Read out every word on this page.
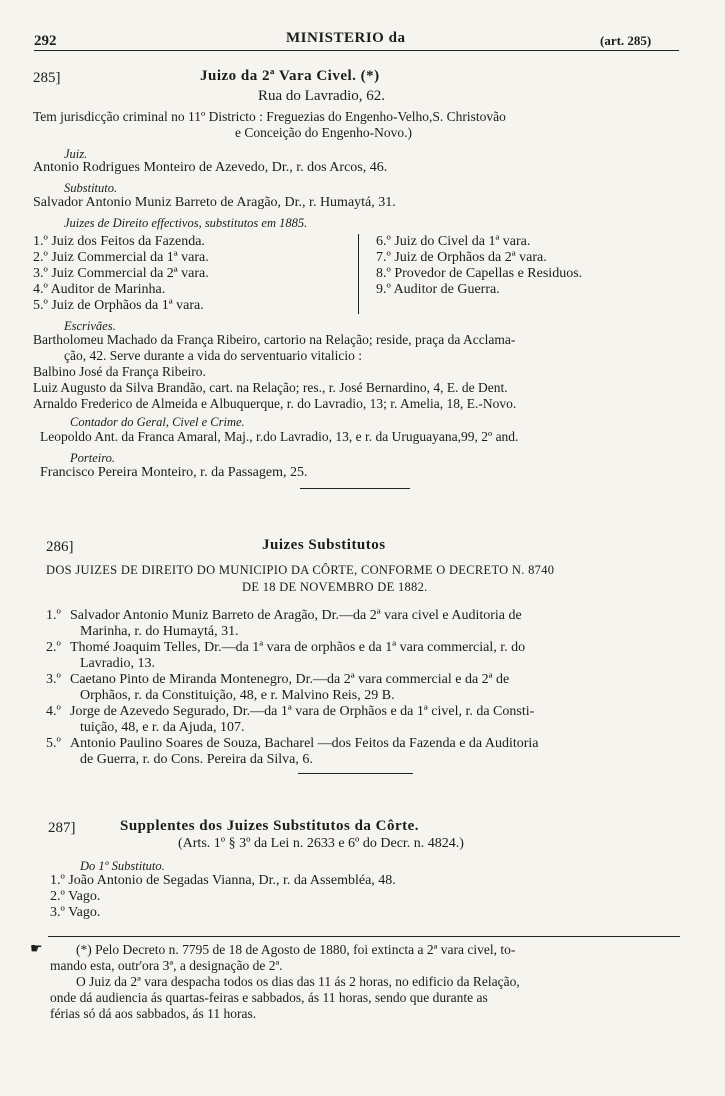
292	MINISTERIO da	(art. 285)
285]	Juizo da 2ª Vara Civel. (*)
Rua do Lavradio, 62.
Tem jurisdicção criminal no 11º Districto : Freguezias do Engenho-Velho,S. Christovão
e Conceição do Engenho-Novo.)
Juiz.
Antonio Rodrigues Monteiro de Azevedo, Dr., r. dos Arcos, 46.
Substituto.
Salvador Antonio Muniz Barreto de Aragão, Dr., r. Humaytá, 31.
Juizes de Direito effectivos, substitutos em 1885.
1.º Juiz dos Feitos da Fazenda.
2.º Juiz Commercial da 1ª vara.
3.º Juiz Commercial da 2ª vara.
4.º Auditor de Marinha.
5.º Juiz de Orphãos da 1ª vara.
6.º Juiz do Civel da 1ª vara.
7.º Juiz de Orphãos da 2ª vara.
8.º Provedor de Capellas e Residuos.
9.º Auditor de Guerra.
Escrivães.
Bartholomeu Machado da França Ribeiro, cartorio na Relação; reside, praça da Acclama-
ção, 42. Serve durante a vida do serventuario vitalicio :
Balbino José da França Ribeiro.
Luiz Augusto da Silva Brandão, cart. na Relação; res., r. José Bernardino, 4, E. de Dent.
Arnaldo Frederico de Almeida e Albuquerque, r. do Lavradio, 13; r. Amelia, 18, E.-Novo.
Contador do Geral, Civel e Crime.
Leopoldo Ant. da Franca Amaral, Maj., r.do Lavradio, 13, e r. da Uruguayana,99, 2º and.
Porteiro.
Francisco Pereira Monteiro, r. da Passagem, 25.
286]	Juizes Substitutos
DOS JUIZES DE DIREITO DO MUNICIPIO DA CÔRTE, CONFORME O DECRETO N. 8740
DE 18 DE NOVEMBRO DE 1882.
1.º Salvador Antonio Muniz Barreto de Aragão, Dr.—da 2ª vara civel e Auditoria de
Marinha, r. do Humaytá, 31.
2.º Thomé Joaquim Telles, Dr.—da 1ª vara de orphãos e da 1ª vara commercial, r. do
Lavradio, 13.
3.º Caetano Pinto de Miranda Montenegro, Dr.—da 2ª vara commercial e da 2ª de
Orphãos, r. da Constituição, 48, e r. Malvino Reis, 29 B.
4.º Jorge de Azevedo Segurado, Dr.—da 1ª vara de Orphãos e da 1ª civel, r. da Consti-
tuição, 48, e r. da Ajuda, 107.
5.º Antonio Paulino Soares de Souza, Bacharel —dos Feitos da Fazenda e da Auditoria
de Guerra, r. do Cons. Pereira da Silva, 6.
287]	Supplentes dos Juizes Substitutos da Côrte.
(Arts. 1º § 3º da Lei n. 2633 e 6º do Decr. n. 4824.)
Do 1º Substituto.
1.º João Antonio de Segadas Vianna, Dr., r. da Assembléa, 48.
2.º Vago.
3.º Vago.
☛ (*) Pelo Decreto n. 7795 de 18 de Agosto de 1880, foi extincta a 2ª vara civel, to-
mando esta, outr'ora 3ª, a designação de 2ª.
O Juiz da 2ª vara despacha todos os dias das 11 ás 2 horas, no edificio da Relação,
onde dá audiencia ás quartas-feiras e sabbados, ás 11 horas, sendo que durante as
férias só dá aos sabbados, ás 11 horas.
